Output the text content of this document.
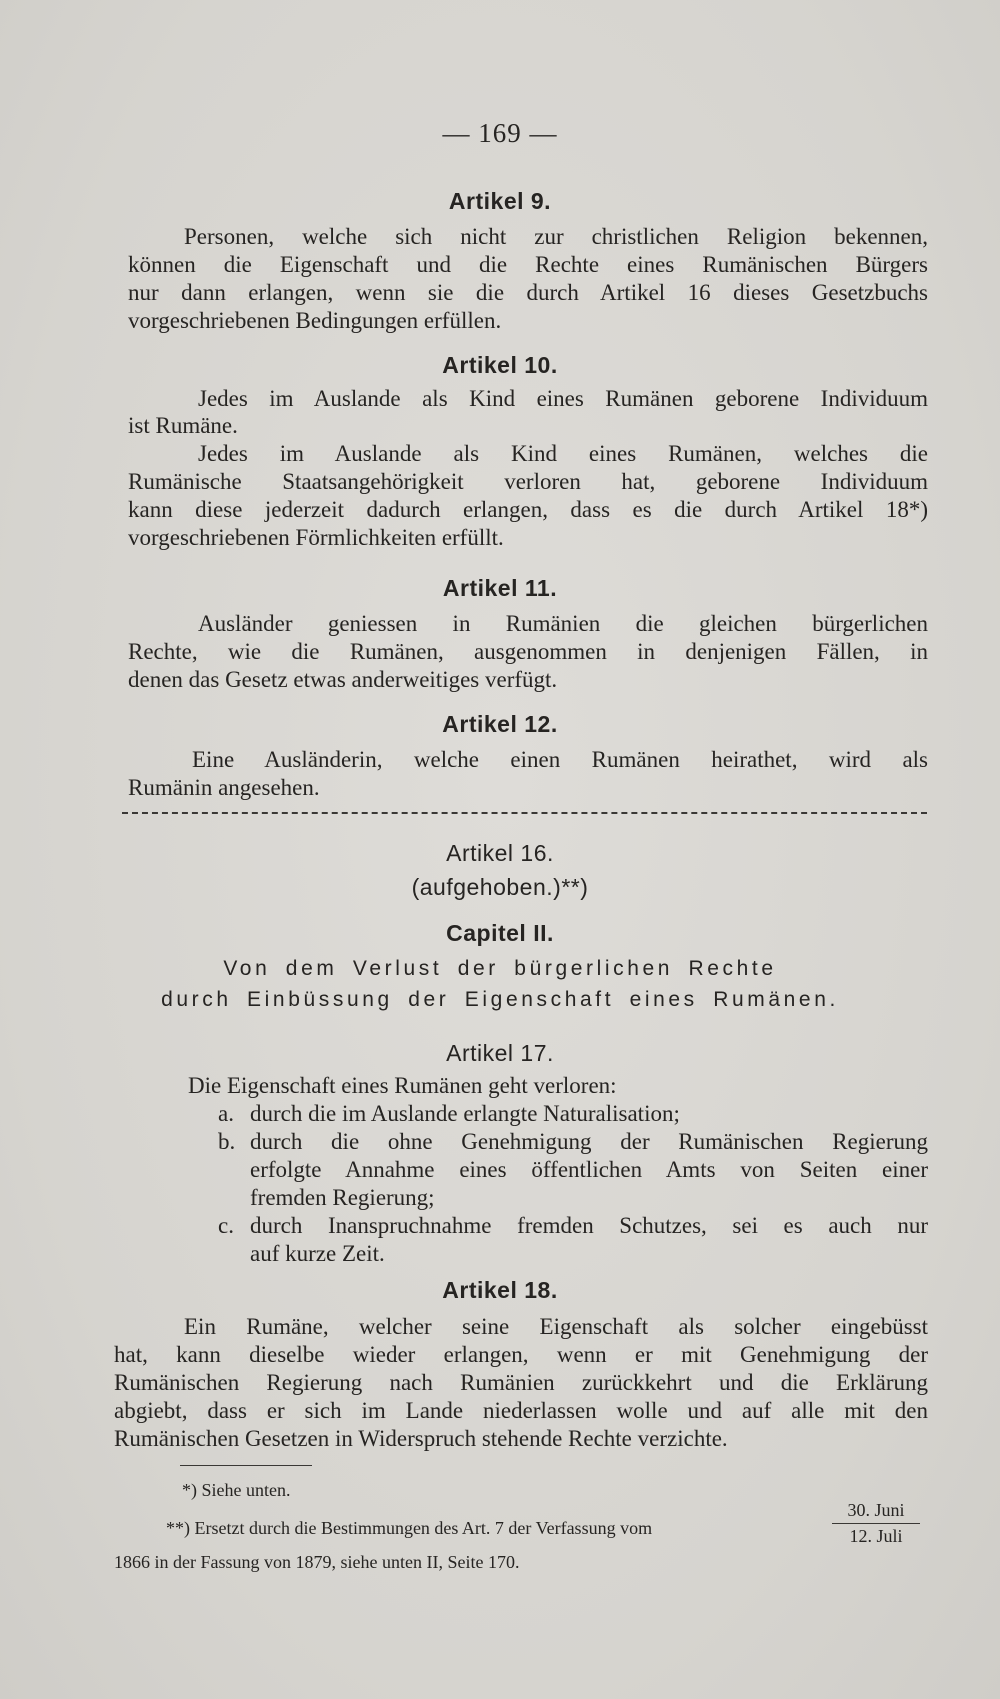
— 169 —
Artikel 9.
Personen, welche sich nicht zur christlichen Religion bekennen,
können die Eigenschaft und die Rechte eines Rumänischen Bürgers
nur dann erlangen, wenn sie die durch Artikel 16 dieses Gesetzbuchs
vorgeschriebenen Bedingungen erfüllen.
Artikel 10.
Jedes im Auslande als Kind eines Rumänen geborene Individuum
ist Rumäne.
Jedes im Auslande als Kind eines Rumänen, welches die
Rumänische Staatsangehörigkeit verloren hat, geborene Individuum
kann diese jederzeit dadurch erlangen, dass es die durch Artikel 18*)
vorgeschriebenen Förmlichkeiten erfüllt.
Artikel 11.
Ausländer geniessen in Rumänien die gleichen bürgerlichen
Rechte, wie die Rumänen, ausgenommen in denjenigen Fällen, in
denen das Gesetz etwas anderweitiges verfügt.
Artikel 12.
Eine Ausländerin, welche einen Rumänen heirathet, wird als
Rumänin angesehen.
Artikel 16.
(aufgehoben.)**)
Capitel II.
Von dem Verlust der bürgerlichen Rechte
durch Einbüssung der Eigenschaft eines Rumänen.
Artikel 17.
Die Eigenschaft eines Rumänen geht verloren:
a. durch die im Auslande erlangte Naturalisation;
b. durch die ohne Genehmigung der Rumänischen Regierung
erfolgte Annahme eines öffentlichen Amts von Seiten einer
fremden Regierung;
c. durch Inanspruchnahme fremden Schutzes, sei es auch nur
auf kurze Zeit.
Artikel 18.
Ein Rumäne, welcher seine Eigenschaft als solcher eingebüsst
hat, kann dieselbe wieder erlangen, wenn er mit Genehmigung der
Rumänischen Regierung nach Rumänien zurückkehrt und die Erklärung
abgiebt, dass er sich im Lande niederlassen wolle und auf alle mit den
Rumänischen Gesetzen in Widerspruch stehende Rechte verzichte.
*) Siehe unten.
**) Ersetzt durch die Bestimmungen des Art. 7 der Verfassung vom
30. Juni
12. Juli
1866 in der Fassung von 1879, siehe unten II, Seite 170.
